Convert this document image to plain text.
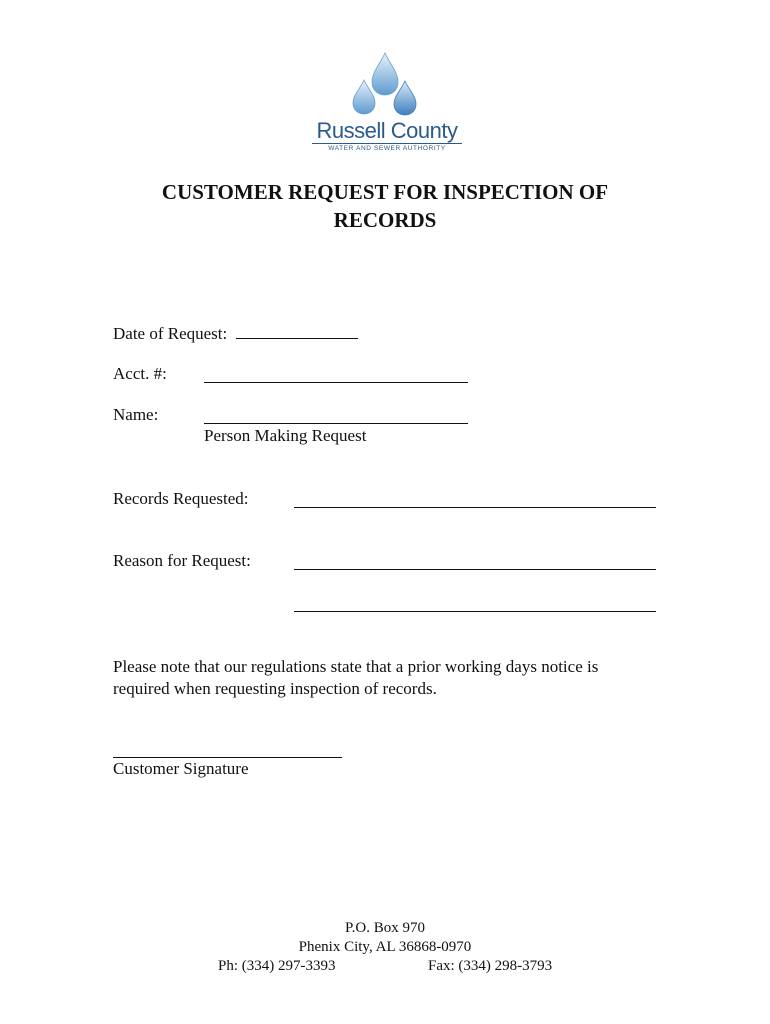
Russell County
WATER AND SEWER AUTHORITY
CUSTOMER REQUEST FOR INSPECTION OF
RECORDS
Date of Request:
Acct. #:
Name:
Person Making Request
Records Requested:
Reason for Request:
Please note that our regulations state that a prior working days notice is required when requesting inspection of records.
Customer Signature
P.O. Box 970
Phenix City, AL 36868-0970
Ph: (334) 297-3393	Fax: (334) 298-3793
